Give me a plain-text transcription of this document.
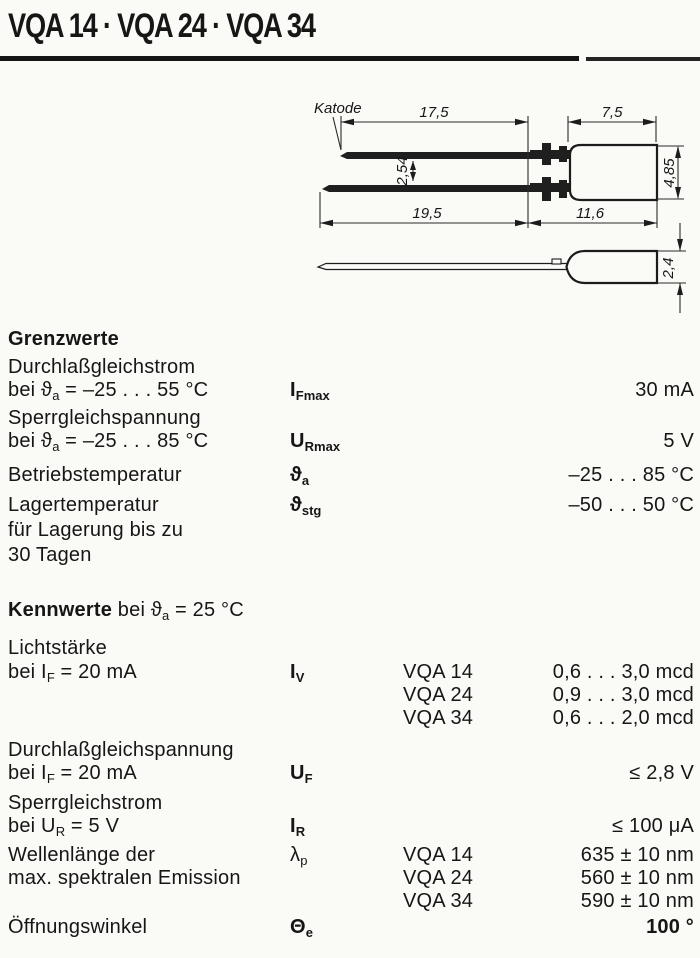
VQA 14 · VQA 24 · VQA 34
Katode	17,5	7,5
2,54	4,85
19,5	11,6
2,4
Grenzwerte
Durchlaßgleichstrom
bei $ϑ_a = -25$ . . . 55 °C	$I_{Fmax}$	30 mA
Sperrgleichspannung
bei $ϑ_a = -25$ . . . 85 °C	$U_{Rmax}$	5 V
Betriebstemperatur	$ϑ_a$	–25 . . . 85 °C
Lagertemperatur	$ϑ_{stg}$	–50 . . . 50 °C
für Lagerung bis zu
30 Tagen
Kennwerte bei $ϑ_a = 25$ °C
Lichtstärke
bei $I_F = 20$ mA	$I_V$	VQA 14	0,6 . . . 3,0 mcd
VQA 24	0,9 . . . 3,0 mcd
VQA 34	0,6 . . . 2,0 mcd
Durchlaßgleichspannung
bei $I_F = 20$ mA	$U_F$	≤ 2,8 V
Sperrgleichstrom
bei $U_R = 5$ V	$I_R$	≤ 100 μA
Wellenlänge der	$\lambda_p$	VQA 14	635 ± 10 nm
max. spektralen Emission	VQA 24	560 ± 10 nm
VQA 34	590 ± 10 nm
Öffnungswinkel	$\Theta_e$	100 °
